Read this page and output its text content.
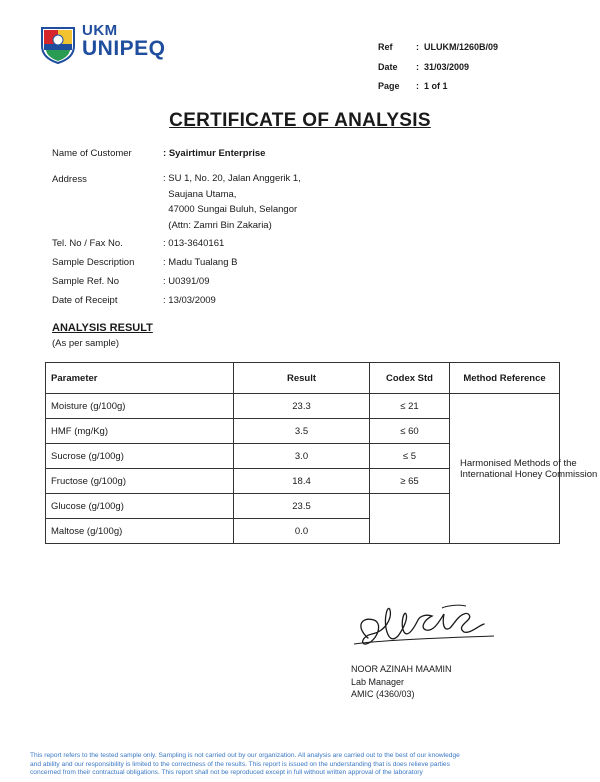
UKM
UNIPEQ	Ref	: ULUKM/1260B/09
Date	: 31/03/2009
Page	: 1 of 1
CERTIFICATE OF ANALYSIS
Name of Customer	: Syairtimur Enterprise
Address	: SU 1, No. 20, Jalan Anggerik 1,
Saujana Utama,
47000 Sungai Buluh, Selangor
(Attn: Zamri Bin Zakaria)
Tel. No / Fax No.	: 013-3640161
Sample Description	: Madu Tualang B
Sample Ref. No	: U0391/09
Date of Receipt	: 13/03/2009
ANALYSIS RESULT
(As per sample)
Parameter	Result	Codex Std	Method Reference
Moisture (g/100g)	23.3	≤ 21	Harmonised Methods of the International Honey Commission

HMF (mg/Kg)	3.5	≤ 60	
Sucrose (g/100g)	3.0	≤ 5	
Fructose (g/100g)	18.4	≥ 65	
Glucose (g/100g)	23.5		
Maltose (g/100g)	0.0		
NOOR AZINAH MAAMIN
Lab Manager
AMIC (4360/03)
This report refers to the tested sample only. Sampling is not carried out by our organization. All analysis are carried out to the best of our knowledge
and ability and our responsibility is limited to the correctness of the results. This report is issued on the understanding that is does relieve parties
concerned from their contractual obligations. This report shall not be reproduced except in full without written approval of the laboratory
